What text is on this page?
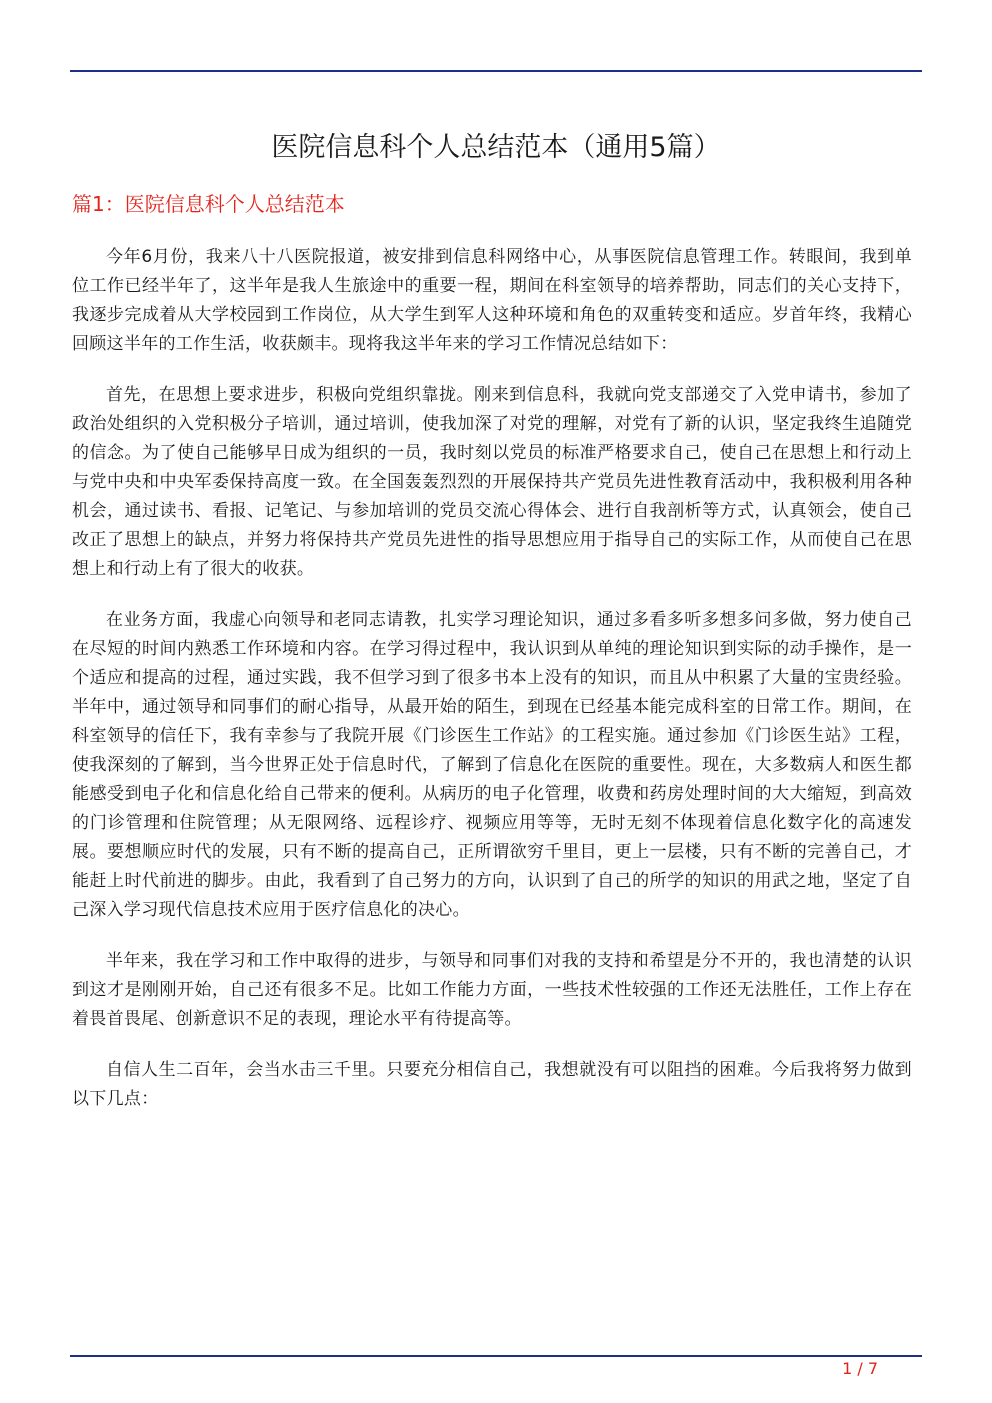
医院信息科个人总结范本（通用5篇）
篇1：医院信息科个人总结范本

今年6月份，我来八十八医院报道，被安排到信息科网络中心，从事医院信息管理工作。转眼间，我到单位工作已经半年了，这半年是我人生旅途中的重要一程，期间在科室领导的培养帮助，同志们的关心支持下，我逐步完成着从大学校园到工作岗位，从大学生到军人这种环境和角色的双重转变和适应。岁首年终，我精心回顾这半年的工作生活，收获颇丰。现将我这半年来的学习工作情况总结如下：

首先，在思想上要求进步，积极向党组织靠拢。刚来到信息科，我就向党支部递交了入党申请书，参加了政治处组织的入党积极分子培训，通过培训，使我加深了对党的理解，对党有了新的认识，坚定我终生追随党的信念。为了使自己能够早日成为组织的一员，我时刻以党员的标准严格要求自己，使自己在思想上和行动上与党中央和中央军委保持高度一致。在全国轰轰烈烈的开展保持共产党员先进性教育活动中，我积极利用各种机会，通过读书、看报、记笔记、与参加培训的党员交流心得体会、进行自我剖析等方式，认真领会，使自己改正了思想上的缺点，并努力将保持共产党员先进性的指导思想应用于指导自己的实际工作，从而使自己在思想上和行动上有了很大的收获。

在业务方面，我虚心向领导和老同志请教，扎实学习理论知识，通过多看多听多想多问多做，努力使自己在尽短的时间内熟悉工作环境和内容。在学习得过程中，我认识到从单纯的理论知识到实际的动手操作，是一个适应和提高的过程，通过实践，我不但学习到了很多书本上没有的知识，而且从中积累了大量的宝贵经验。半年中，通过领导和同事们的耐心指导，从最开始的陌生，到现在已经基本能完成科室的日常工作。期间，在科室领导的信任下，我有幸参与了我院开展《门诊医生工作站》的工程实施。通过参加《门诊医生站》工程，使我深刻的了解到，当今世界正处于信息时代，了解到了信息化在医院的重要性。现在，大多数病人和医生都能感受到电子化和信息化给自己带来的便利。从病历的电子化管理，收费和药房处理时间的大大缩短，到高效的门诊管理和住院管理；从无限网络、远程诊疗、视频应用等等，无时无刻不体现着信息化数字化的高速发展。要想顺应时代的发展，只有不断的提高自己，正所谓欲穷千里目，更上一层楼，只有不断的完善自己，才能赶上时代前进的脚步。由此，我看到了自己努力的方向，认识到了自己的所学的知识的用武之地，坚定了自己深入学习现代信息技术应用于医疗信息化的决心。

半年来，我在学习和工作中取得的进步，与领导和同事们对我的支持和希望是分不开的，我也清楚的认识到这才是刚刚开始，自己还有很多不足。比如工作能力方面，一些技术性较强的工作还无法胜任，工作上存在着畏首畏尾、创新意识不足的表现，理论水平有待提高等。

自信人生二百年，会当水击三千里。只要充分相信自己，我想就没有可以阻挡的困难。今后我将努力做到以下几点：

1 / 7
